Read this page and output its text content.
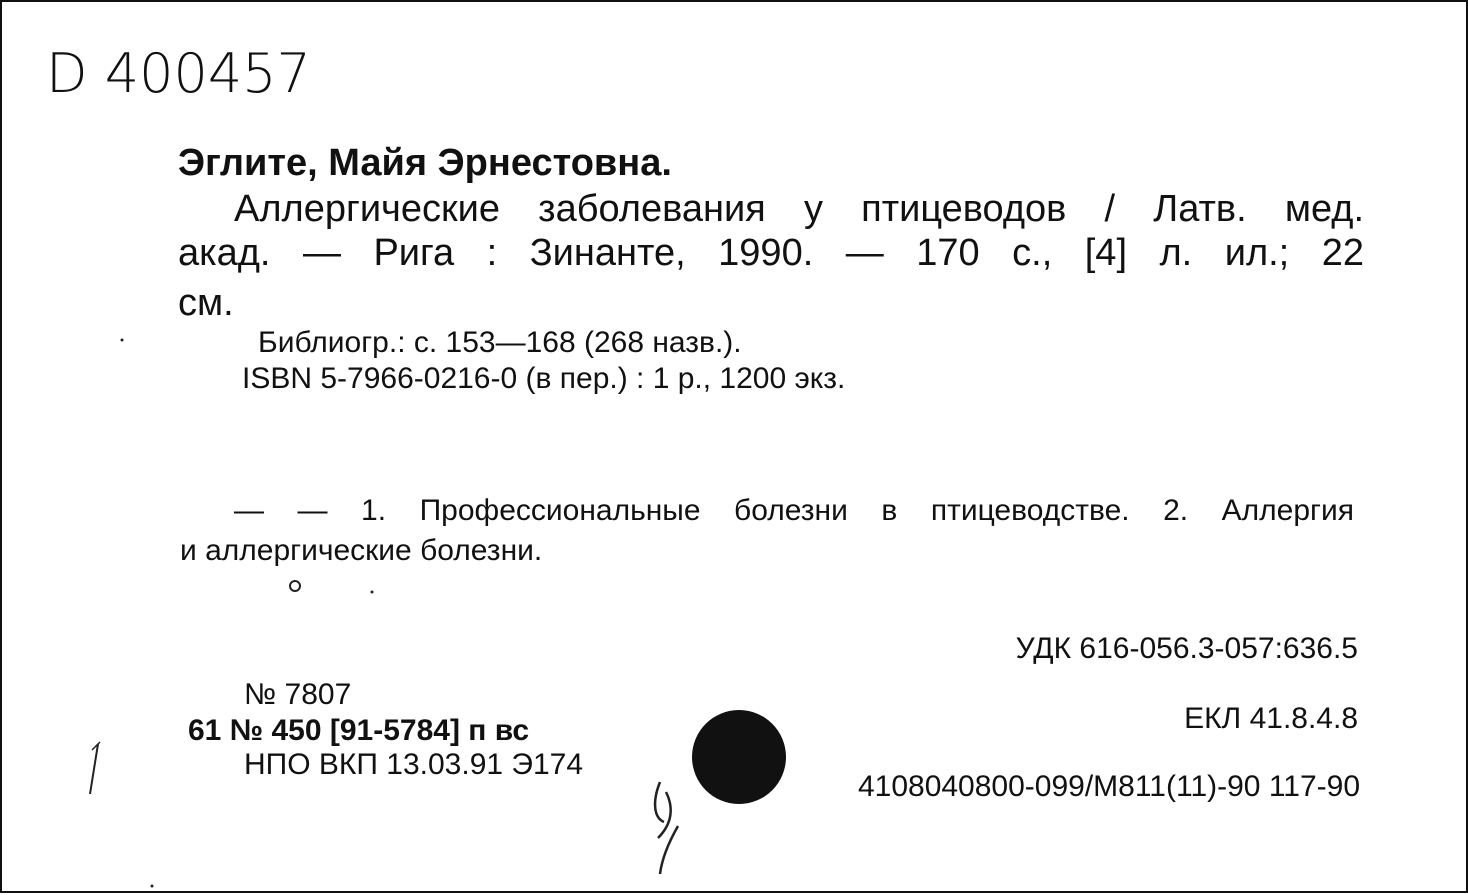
D 400457
Эглите, Майя Эрнестовна.
Аллергические заболевания у птицеводов / Латв. мед.
акад. — Рига : Зинанте, 1990. — 170 с., [4] л. ил.; 22
см.
Библиогр.: с. 153—168 (268 назв.).
ISBN 5-7966-0216-0 (в пер.) : 1 р., 1200 экз.
— — 1. Профессиональные болезни в птицеводстве. 2. Аллергия
и аллергические болезни.
УДК 616-056.3-057:636.5
ЕКЛ 41.8.4.8
№ 7807
61 № 450 [91-5784] п вс
НПО ВКП 13.03.91 Э174
4108040800-099/М811(11)-90 117-90
